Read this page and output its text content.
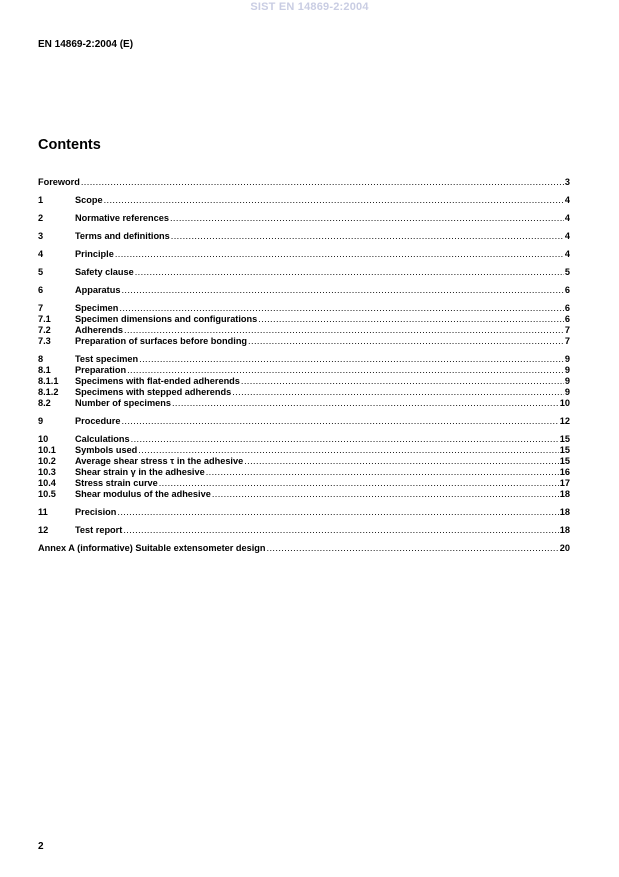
SIST EN 14869-2:2004
EN 14869-2:2004 (E)
Contents
Foreword .....	3
1	Scope .....	4
2	Normative references .....	4
3	Terms and definitions .....	4
4	Principle .....	4
5	Safety clause .....	5
6	Apparatus .....	6
7	Specimen .....	6
7.1	Specimen dimensions and configurations .....	6
7.2	Adherends .....	7
7.3	Preparation of surfaces before bonding .....	7
8	Test specimen .....	9
8.1	Preparation .....	9
8.1.1	Specimens with flat-ended adherends .....	9
8.1.2	Specimens with stepped adherends .....	9
8.2	Number of specimens .....	10
9	Procedure .....	12
10	Calculations .....	15
10.1	Symbols used .....	15
10.2	Average shear stress τ in the adhesive .....	15
10.3	Shear strain γ in the adhesive .....	16
10.4	Stress strain curve .....	17
10.5	Shear modulus of the adhesive .....	18
11	Precision .....	18
12	Test report .....	18
Annex A (informative) Suitable extensometer design .....	20
2
